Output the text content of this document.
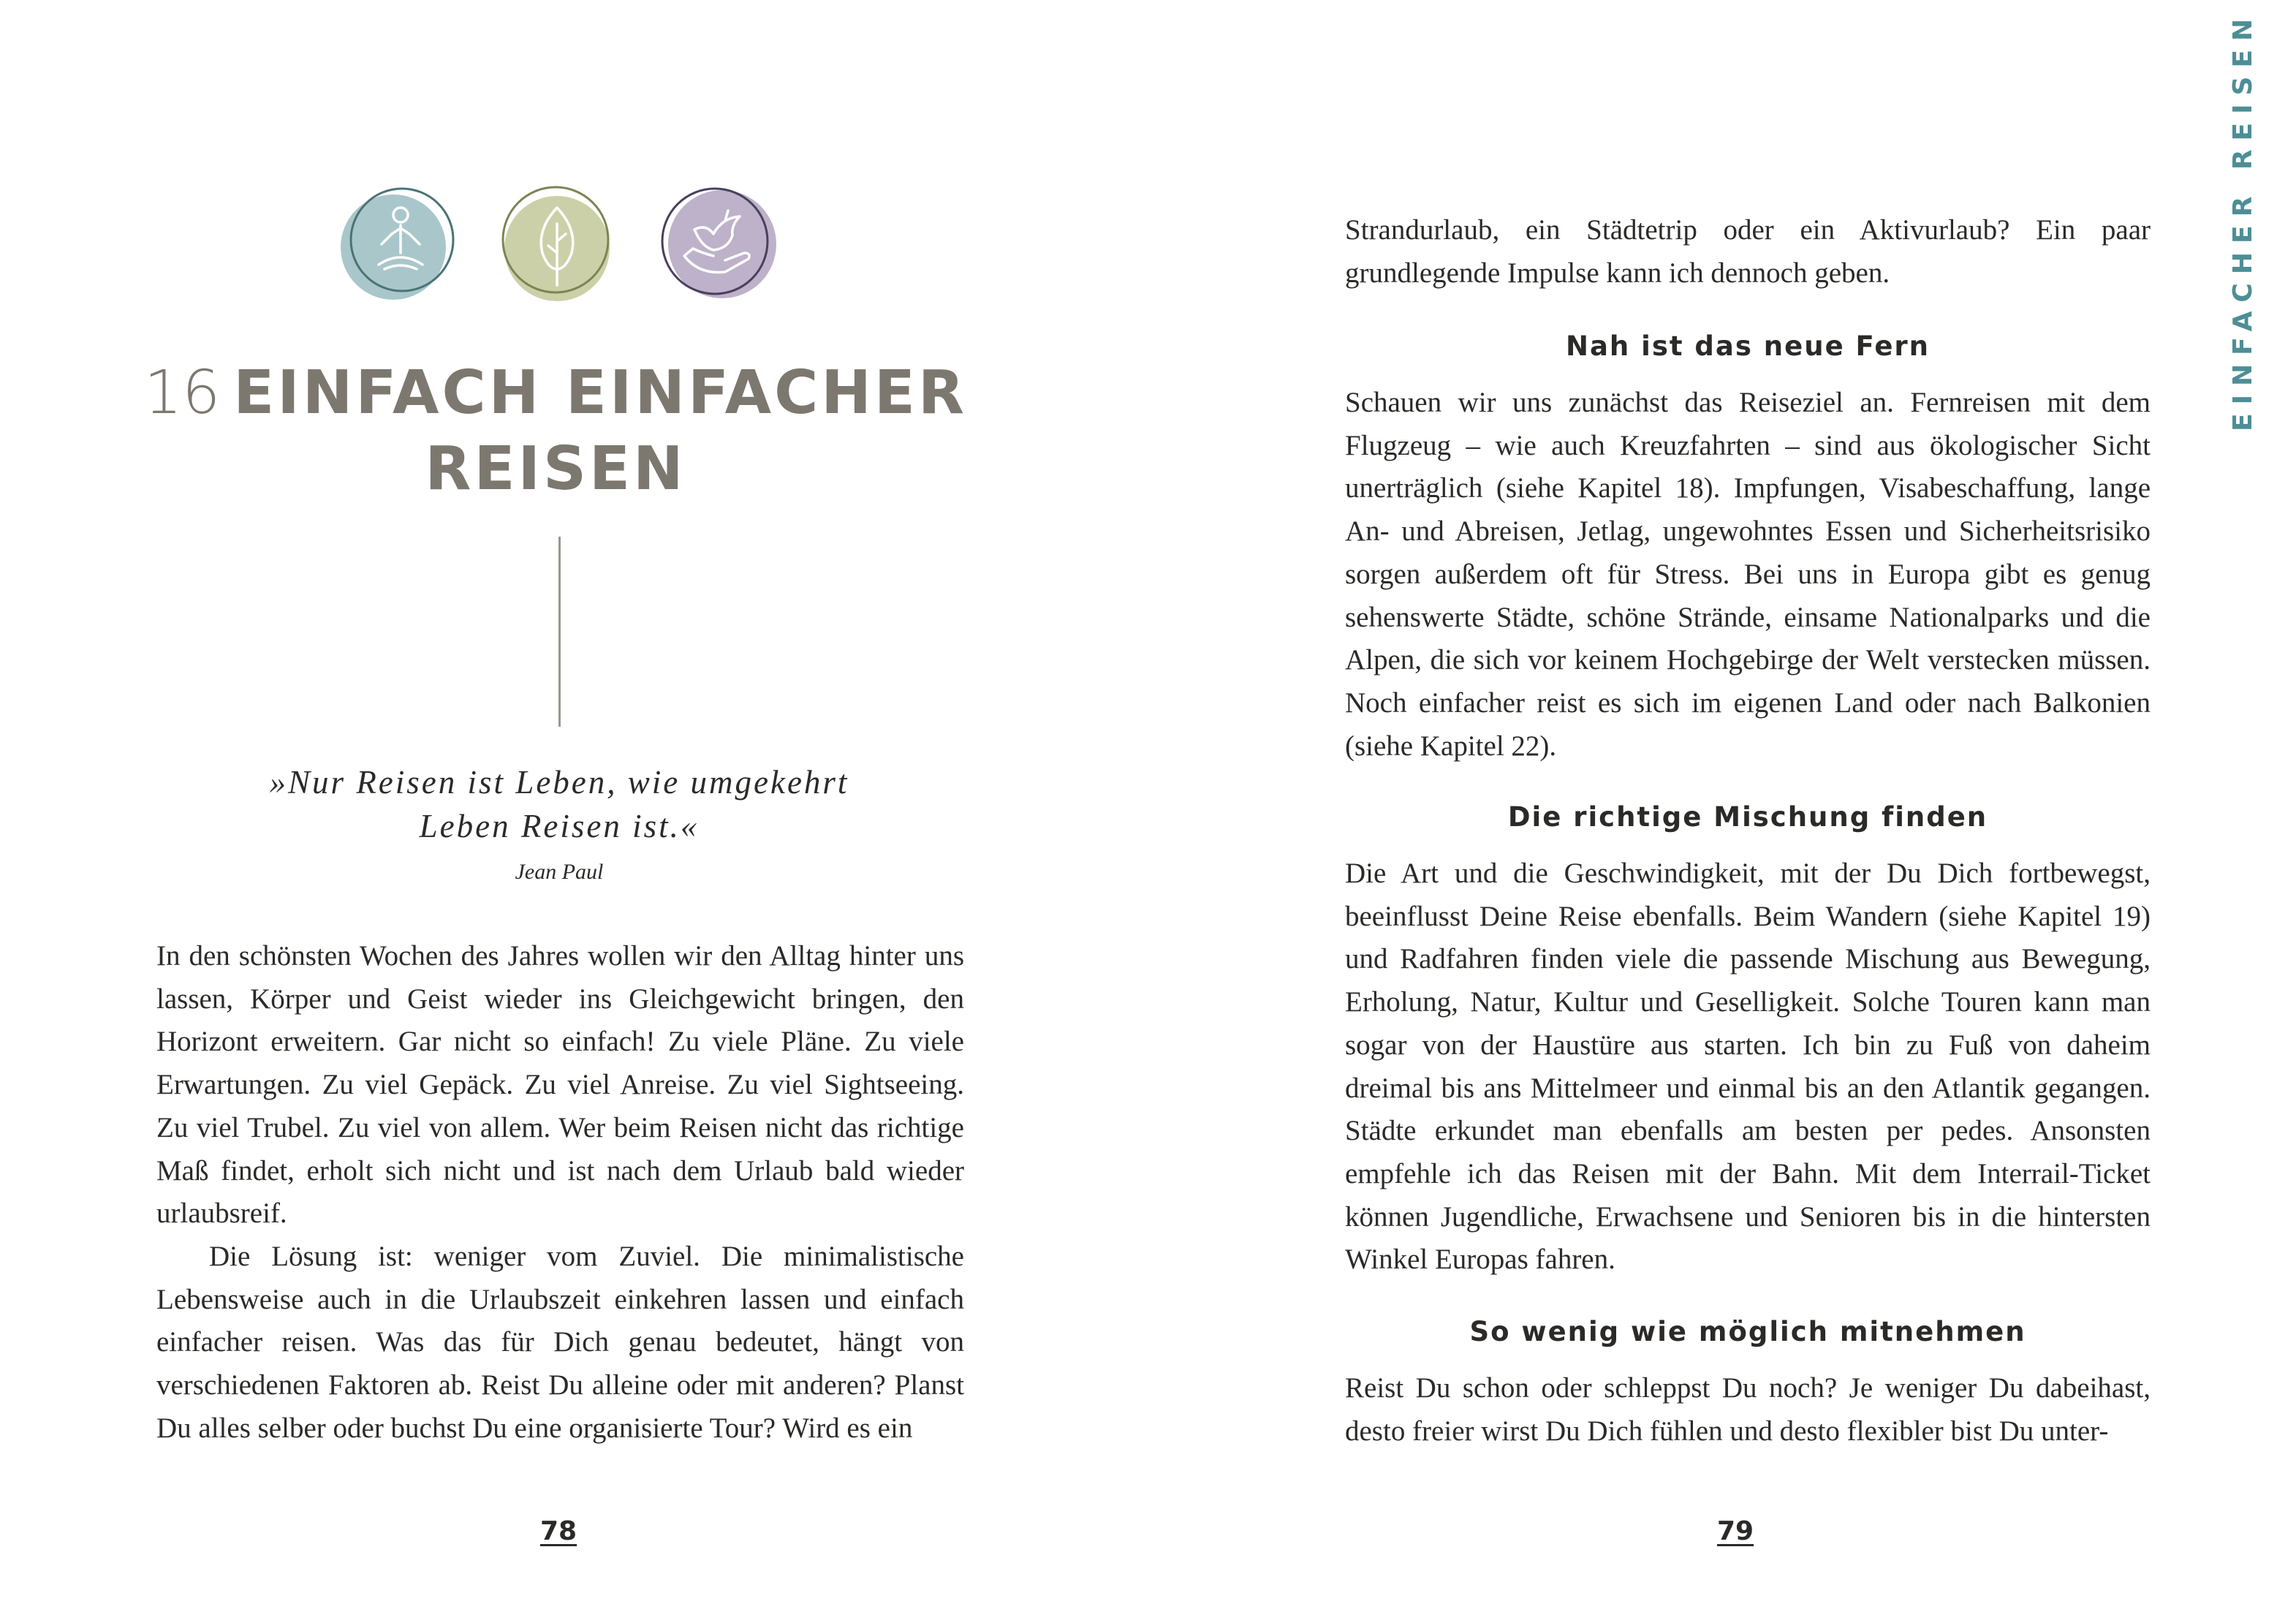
16 EINFACH EINFACHER
REISEN
»Nur Reisen ist Leben, wie umgekehrt
Leben Reisen ist.«
Jean Paul

In den schönsten Wochen des Jahres wollen wir den Alltag hinter uns lassen, Körper und Geist wieder ins Gleichgewicht bringen, den Horizont erweitern. Gar nicht so einfach! Zu viele Pläne. Zu viele Erwartungen. Zu viel Gepäck. Zu viel Anreise. Zu viel Sightseeing. Zu viel Trubel. Zu viel von allem. Wer beim Reisen nicht das richtige Maß findet, erholt sich nicht und ist nach dem Urlaub bald wieder urlaubsreif.

Die Lösung ist: weniger vom Zuviel. Die minimalistische Lebensweise auch in die Urlaubszeit einkehren lassen und einfach einfacher reisen. Was das für Dich genau bedeutet, hängt von verschiedenen Faktoren ab. Reist Du alleine oder mit anderen? Planst Du alles selber oder buchst Du eine organisierte Tour? Wird es ein

78

Strandurlaub, ein Städtetrip oder ein Aktivurlaub? Ein paar grundlegende Impulse kann ich dennoch geben.

Nah ist das neue Fern

Schauen wir uns zunächst das Reiseziel an. Fernreisen mit dem Flugzeug – wie auch Kreuzfahrten – sind aus ökologischer Sicht unerträglich (siehe Kapitel 18). Impfungen, Visabeschaffung, lange An- und Abreisen, Jetlag, ungewohntes Essen und Sicherheitsrisiko sorgen außerdem oft für Stress. Bei uns in Europa gibt es genug sehenswerte Städte, schöne Strände, einsame Nationalparks und die Alpen, die sich vor keinem Hochgebirge der Welt verstecken müssen. Noch einfacher reist es sich im eigenen Land oder nach Balkonien (siehe Kapitel 22).

Die richtige Mischung finden

Die Art und die Geschwindigkeit, mit der Du Dich fortbewegst, beeinflusst Deine Reise ebenfalls. Beim Wandern (siehe Kapitel 19) und Radfahren finden viele die passende Mischung aus Bewegung, Erholung, Natur, Kultur und Geselligkeit. Solche Touren kann man sogar von der Haustüre aus starten. Ich bin zu Fuß von daheim dreimal bis ans Mittelmeer und einmal bis an den Atlantik gegangen. Städte erkundet man ebenfalls am besten per pedes. Ansonsten empfehle ich das Reisen mit der Bahn. Mit dem Interrail-Ticket können Jugendliche, Erwachsene und Senioren bis in die hintersten Winkel Europas fahren.

So wenig wie möglich mitnehmen

Reist Du schon oder schleppst Du noch? Je weniger Du dabeihast, desto freier wirst Du Dich fühlen und desto flexibler bist Du unter-

EINFACHER REISEN
79
